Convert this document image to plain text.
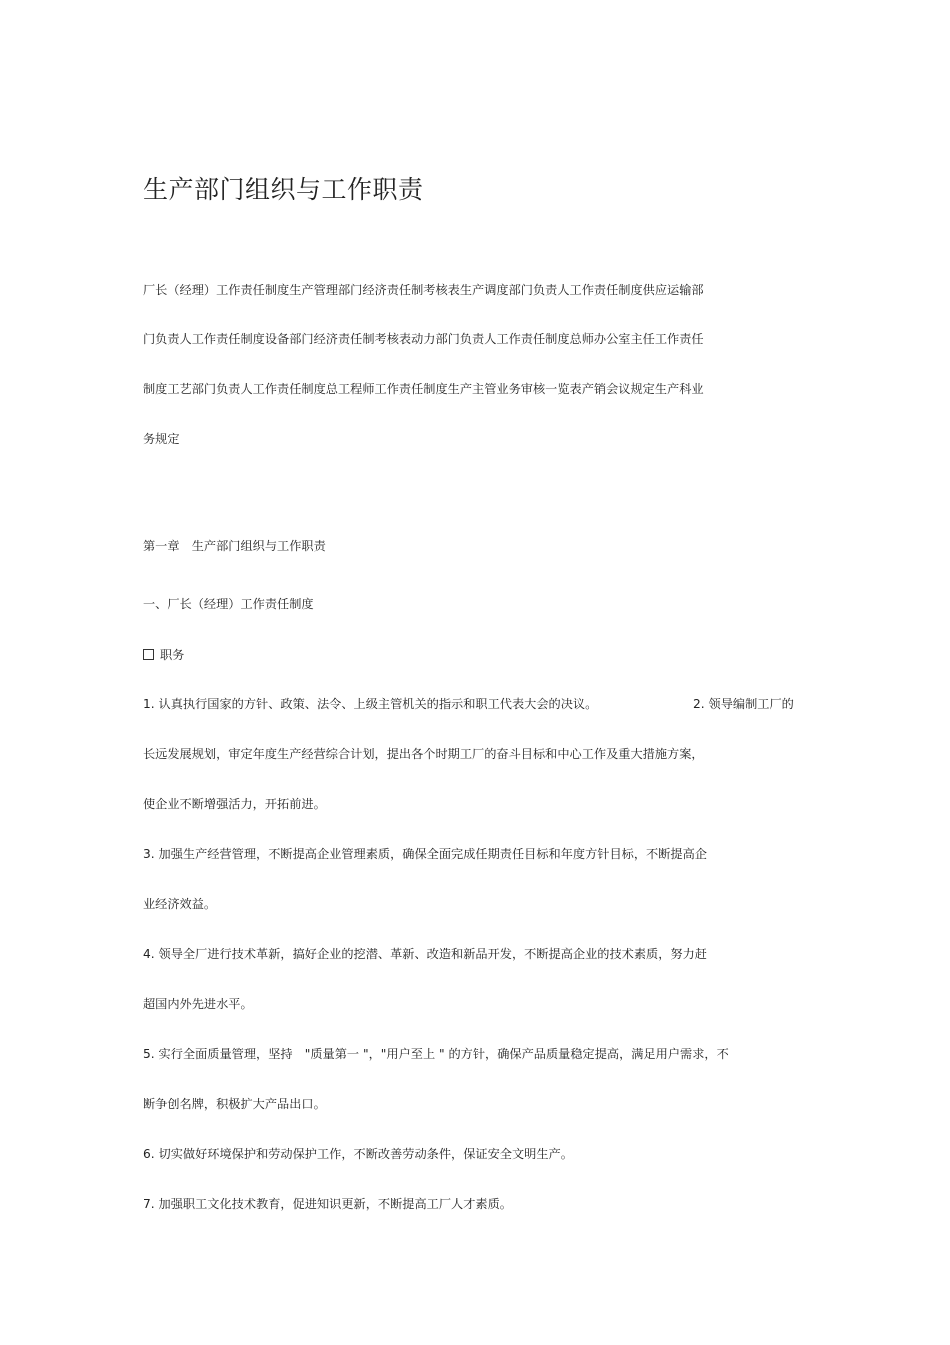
生产部门组织与工作职责
厂长（经理）工作责任制度生产管理部门经济责任制考核表生产调度部门负责人工作责任制度供应运输部
门负责人工作责任制度设备部门经济责任制考核表动力部门负责人工作责任制度总师办公室主任工作责任
制度工艺部门负责人工作责任制度总工程师工作责任制度生产主管业务审核一览表产销会议规定生产科业
务规定
第一章　生产部门组织与工作职责
一、厂长（经理）工作责任制度
职务
1. 认真执行国家的方针、政策、法令、上级主管机关的指示和职工代表大会的决议。	2. 领导编制工厂的
长远发展规划，审定年度生产经营综合计划，提出各个时期工厂的奋斗目标和中心工作及重大措施方案，
使企业不断增强活力，开拓前进。
3. 加强生产经营管理，不断提高企业管理素质，确保全面完成任期责任目标和年度方针目标，不断提高企
业经济效益。
4. 领导全厂进行技术革新，搞好企业的挖潜、革新、改造和新品开发，不断提高企业的技术素质，努力赶
超国内外先进水平。
5. 实行全面质量管理，坚持　"质量第一 "，"用户至上 " 的方针，确保产品质量稳定提高，满足用户需求，不
断争创名牌，积极扩大产品出口。
6. 切实做好环境保护和劳动保护工作，不断改善劳动条件，保证安全文明生产。
7. 加强职工文化技术教育，促进知识更新，不断提高工厂人才素质。
